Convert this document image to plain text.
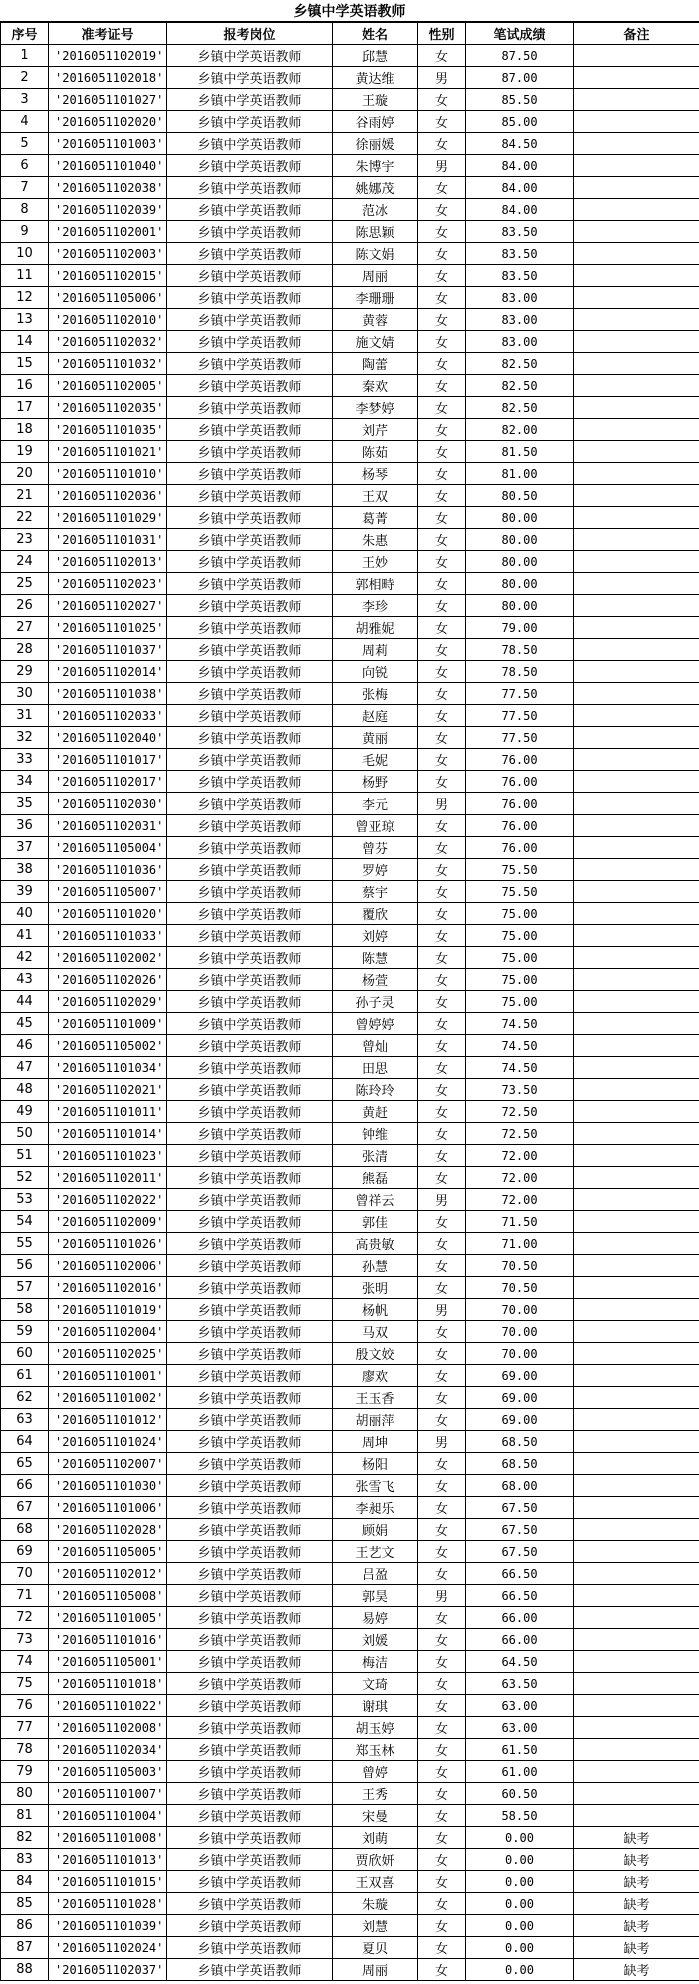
乡镇中学英语教师
序号	准考证号	报考岗位	姓名	性别	笔试成绩	备注
1	'2016051102019'	乡镇中学英语教师	邱慧	女	87.50	
2	'2016051102018'	乡镇中学英语教师	黄达维	男	87.00	
3	'2016051101027'	乡镇中学英语教师	王璇	女	85.50	
4	'2016051102020'	乡镇中学英语教师	谷雨婷	女	85.00	
5	'2016051101003'	乡镇中学英语教师	徐丽媛	女	84.50	
6	'2016051101040'	乡镇中学英语教师	朱博宇	男	84.00	
7	'2016051102038'	乡镇中学英语教师	姚娜茂	女	84.00	
8	'2016051102039'	乡镇中学英语教师	范冰	女	84.00	
9	'2016051102001'	乡镇中学英语教师	陈思颖	女	83.50	
10	'2016051102003'	乡镇中学英语教师	陈文娟	女	83.50	
11	'2016051102015'	乡镇中学英语教师	周丽	女	83.50	
12	'2016051105006'	乡镇中学英语教师	李珊珊	女	83.00	
13	'2016051102010'	乡镇中学英语教师	黄蓉	女	83.00	
14	'2016051102032'	乡镇中学英语教师	施文婧	女	83.00	
15	'2016051101032'	乡镇中学英语教师	陶蕾	女	82.50	
16	'2016051102005'	乡镇中学英语教师	秦欢	女	82.50	
17	'2016051102035'	乡镇中学英语教师	李梦婷	女	82.50	
18	'2016051101035'	乡镇中学英语教师	刘芹	女	82.00	
19	'2016051101021'	乡镇中学英语教师	陈茹	女	81.50	
20	'2016051101010'	乡镇中学英语教师	杨琴	女	81.00	
21	'2016051102036'	乡镇中学英语教师	王双	女	80.50	
22	'2016051101029'	乡镇中学英语教师	葛菁	女	80.00	
23	'2016051101031'	乡镇中学英语教师	朱惠	女	80.00	
24	'2016051102013'	乡镇中学英语教师	王妙	女	80.00	
25	'2016051102023'	乡镇中学英语教师	郭相畤	女	80.00	
26	'2016051102027'	乡镇中学英语教师	李珍	女	80.00	
27	'2016051101025'	乡镇中学英语教师	胡雅妮	女	79.00	
28	'2016051101037'	乡镇中学英语教师	周莉	女	78.50	
29	'2016051102014'	乡镇中学英语教师	向锐	女	78.50	
30	'2016051101038'	乡镇中学英语教师	张梅	女	77.50	
31	'2016051102033'	乡镇中学英语教师	赵庭	女	77.50	
32	'2016051102040'	乡镇中学英语教师	黄丽	女	77.50	
33	'2016051101017'	乡镇中学英语教师	毛妮	女	76.00	
34	'2016051102017'	乡镇中学英语教师	杨野	女	76.00	
35	'2016051102030'	乡镇中学英语教师	李元	男	76.00	
36	'2016051102031'	乡镇中学英语教师	曾亚琼	女	76.00	
37	'2016051105004'	乡镇中学英语教师	曾芬	女	76.00	
38	'2016051101036'	乡镇中学英语教师	罗婷	女	75.50	
39	'2016051105007'	乡镇中学英语教师	蔡宇	女	75.50	
40	'2016051101020'	乡镇中学英语教师	覆欣	女	75.00	
41	'2016051101033'	乡镇中学英语教师	刘婷	女	75.00	
42	'2016051102002'	乡镇中学英语教师	陈慧	女	75.00	
43	'2016051102026'	乡镇中学英语教师	杨萱	女	75.00	
44	'2016051102029'	乡镇中学英语教师	孙子灵	女	75.00	
45	'2016051101009'	乡镇中学英语教师	曾婷婷	女	74.50	
46	'2016051105002'	乡镇中学英语教师	曾灿	女	74.50	
47	'2016051101034'	乡镇中学英语教师	田思	女	74.50	
48	'2016051102021'	乡镇中学英语教师	陈玲玲	女	73.50	
49	'2016051101011'	乡镇中学英语教师	黄赶	女	72.50	
50	'2016051101014'	乡镇中学英语教师	钟维	女	72.50	
51	'2016051101023'	乡镇中学英语教师	张清	女	72.00	
52	'2016051102011'	乡镇中学英语教师	熊磊	女	72.00	
53	'2016051102022'	乡镇中学英语教师	曾祥云	男	72.00	
54	'2016051102009'	乡镇中学英语教师	郭佳	女	71.50	
55	'2016051101026'	乡镇中学英语教师	高贵敏	女	71.00	
56	'2016051102006'	乡镇中学英语教师	孙慧	女	70.50	
57	'2016051102016'	乡镇中学英语教师	张明	女	70.50	
58	'2016051101019'	乡镇中学英语教师	杨帆	男	70.00	
59	'2016051102004'	乡镇中学英语教师	马双	女	70.00	
60	'2016051102025'	乡镇中学英语教师	殷文姣	女	70.00	
61	'2016051101001'	乡镇中学英语教师	廖欢	女	69.00	
62	'2016051101002'	乡镇中学英语教师	王玉香	女	69.00	
63	'2016051101012'	乡镇中学英语教师	胡丽萍	女	69.00	
64	'2016051101024'	乡镇中学英语教师	周坤	男	68.50	
65	'2016051102007'	乡镇中学英语教师	杨阳	女	68.50	
66	'2016051101030'	乡镇中学英语教师	张雪飞	女	68.00	
67	'2016051101006'	乡镇中学英语教师	李昶乐	女	67.50	
68	'2016051102028'	乡镇中学英语教师	顾娟	女	67.50	
69	'2016051105005'	乡镇中学英语教师	王艺文	女	67.50	
70	'2016051102012'	乡镇中学英语教师	吕盈	女	66.50	
71	'2016051105008'	乡镇中学英语教师	郭昊	男	66.50	
72	'2016051101005'	乡镇中学英语教师	易婷	女	66.00	
73	'2016051101016'	乡镇中学英语教师	刘媛	女	66.00	
74	'2016051105001'	乡镇中学英语教师	梅洁	女	64.50	
75	'2016051101018'	乡镇中学英语教师	文琦	女	63.50	
76	'2016051101022'	乡镇中学英语教师	谢琪	女	63.00	
77	'2016051102008'	乡镇中学英语教师	胡玉婷	女	63.00	
78	'2016051102034'	乡镇中学英语教师	郑玉林	女	61.50	
79	'2016051105003'	乡镇中学英语教师	曾婷	女	61.00	
80	'2016051101007'	乡镇中学英语教师	王秀	女	60.50	
81	'2016051101004'	乡镇中学英语教师	宋曼	女	58.50	
82	'2016051101008'	乡镇中学英语教师	刘萌	女	0.00	缺考
83	'2016051101013'	乡镇中学英语教师	贾欣妍	女	0.00	缺考
84	'2016051101015'	乡镇中学英语教师	王双喜	女	0.00	缺考
85	'2016051101028'	乡镇中学英语教师	朱璇	女	0.00	缺考
86	'2016051101039'	乡镇中学英语教师	刘慧	女	0.00	缺考
87	'2016051102024'	乡镇中学英语教师	夏贝	女	0.00	缺考
88	'2016051102037'	乡镇中学英语教师	周丽	女	0.00	缺考
